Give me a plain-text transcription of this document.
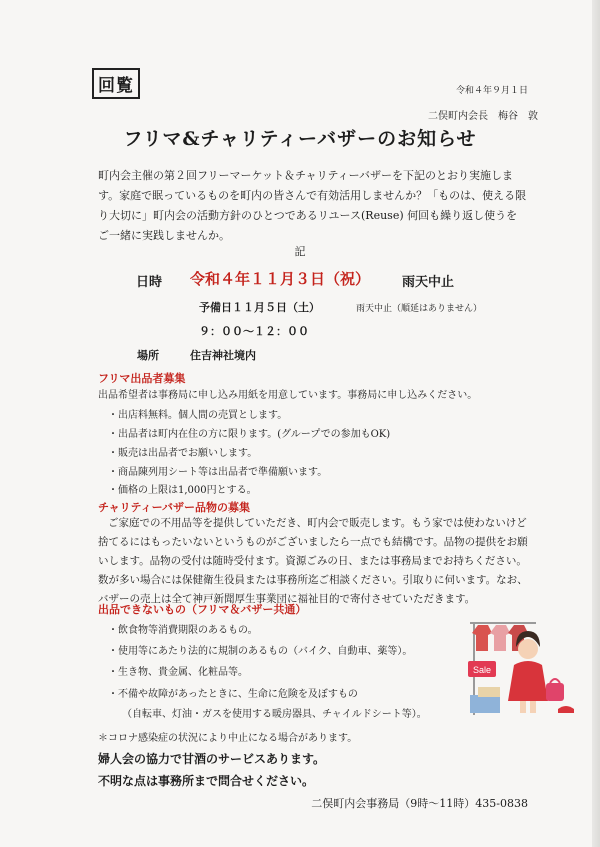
回覧	令和４年９月１日
二俣町内会長　梅谷　敦
フリマ&チャリティーバザーのお知らせ
町内会主催の第２回フリーマーケット＆チャリティーバザーを下記のとおり実施します。家庭で眠っているものを町内の皆さんで有効活用しませんか？「ものは、使える限り大切に」町内会の活動方針のひとつであるリユース(Reuse) 何回も繰り返し使うをご一緒に実践しませんか。
記
日時 令和４年１１月３日（祝） 雨天中止
予備日１１月５日（土）	雨天中止（順延はありません）
９：００〜１２：００
場所	住吉神社境内
フリマ出品者募集
出品希望者は事務局に申し込み用紙を用意しています。事務局に申し込みください。
・出店料無料。個人間の売買とします。
・出品者は町内在住の方に限ります。(グループでの参加もOK)
・販売は出品者でお願いします。
・商品陳列用シート等は出品者で準備願います。
・価格の上限は1,000円とする。
チャリティーバザー品物の募集
ご家庭での不用品等を提供していただき、町内会で販売します。もう家では使わないけど捨てるにはもったいないというものがございましたら一点でも結構です。品物の提供をお願いします。品物の受付は随時受付ます。資源ごみの日、または事務局までお持ちください。数が多い場合には保健衛生役員または事務所迄ご相談ください。引取りに伺います。なお、バザーの売上は全て神戸新聞厚生事業団に福祉目的で寄付させていただきます。
出品できないもの（フリマ＆バザー共通）
・飲食物等消費期限のあるもの。
・使用等にあたり法的に規制のあるもの（バイク、自動車、薬等）。
・生き物、貴金属、化粧品等。
・不備や故障があったときに、生命に危険を及ぼすもの
（自転車、灯油・ガスを使用する暖房器具、チャイルドシート等）。
＊コロナ感染症の状況により中止になる場合があります。
婦人会の協力で甘酒のサービスあります。
不明な点は事務所まで問合せください。
二俣町内会事務局（9時〜11時）435-0838
Sale
